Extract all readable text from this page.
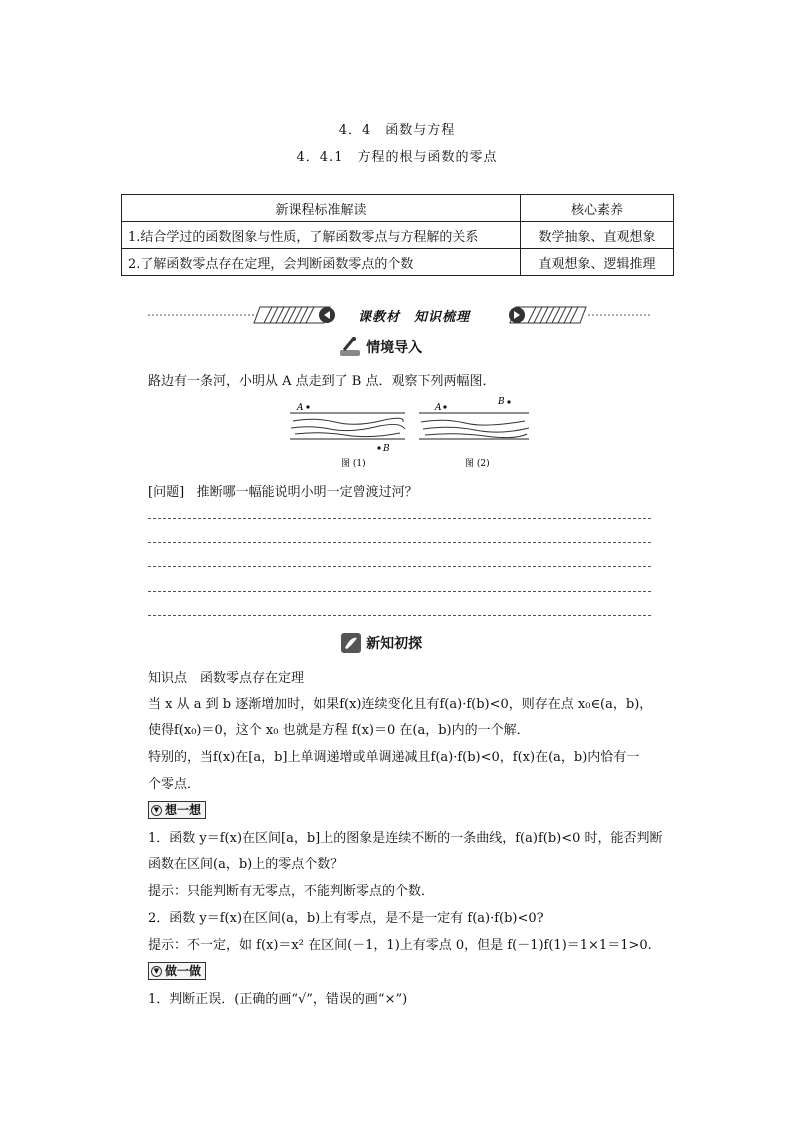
4．4　函数与方程
4．4.1　方程的根与函数的零点
新课程标准解读	核心素养
1.结合学过的函数图象与性质，了解函数零点与方程解的关系	数学抽象、直观想象
2.了解函数零点存在定理，会判断函数零点的个数	直观想象、逻辑推理
课教材　知识梳理
情境导入
路边有一条河，小明从 A 点走到了 B 点．观察下列两幅图．
A
B
A
B
图 (1)	图 (2)
[问题] 推断哪一幅能说明小明一定曾渡过河？
新知初探
知识点　函数零点存在定理
当 x 从 a 到 b 逐渐增加时，如果f(x)连续变化且有f(a)·f(b)<0，则存在点 x₀∈(a，b)，
使得f(x₀)＝0，这个 x₀ 也就是方程 f(x)＝0 在(a，b)内的一个解．
特别的，当f(x)在[a，b]上单调递增或单调递减且f(a)·f(b)<0，f(x)在(a，b)内恰有一
个零点．
▼ 想一想
1．函数 y＝f(x)在区间[a，b]上的图象是连续不断的一条曲线，f(a)f(b)<0 时，能否判断
函数在区间(a，b)上的零点个数？
提示：只能判断有无零点，不能判断零点的个数．
2．函数 y＝f(x)在区间(a，b)上有零点，是不是一定有 f(a)·f(b)<0?
提示：不一定，如 f(x)＝x² 在区间(－1，1)上有零点 0，但是 f(－1)f(1)＝1×1＝1>0.
▼ 做一做
1．判断正误．(正确的画“√”，错误的画“×”)
